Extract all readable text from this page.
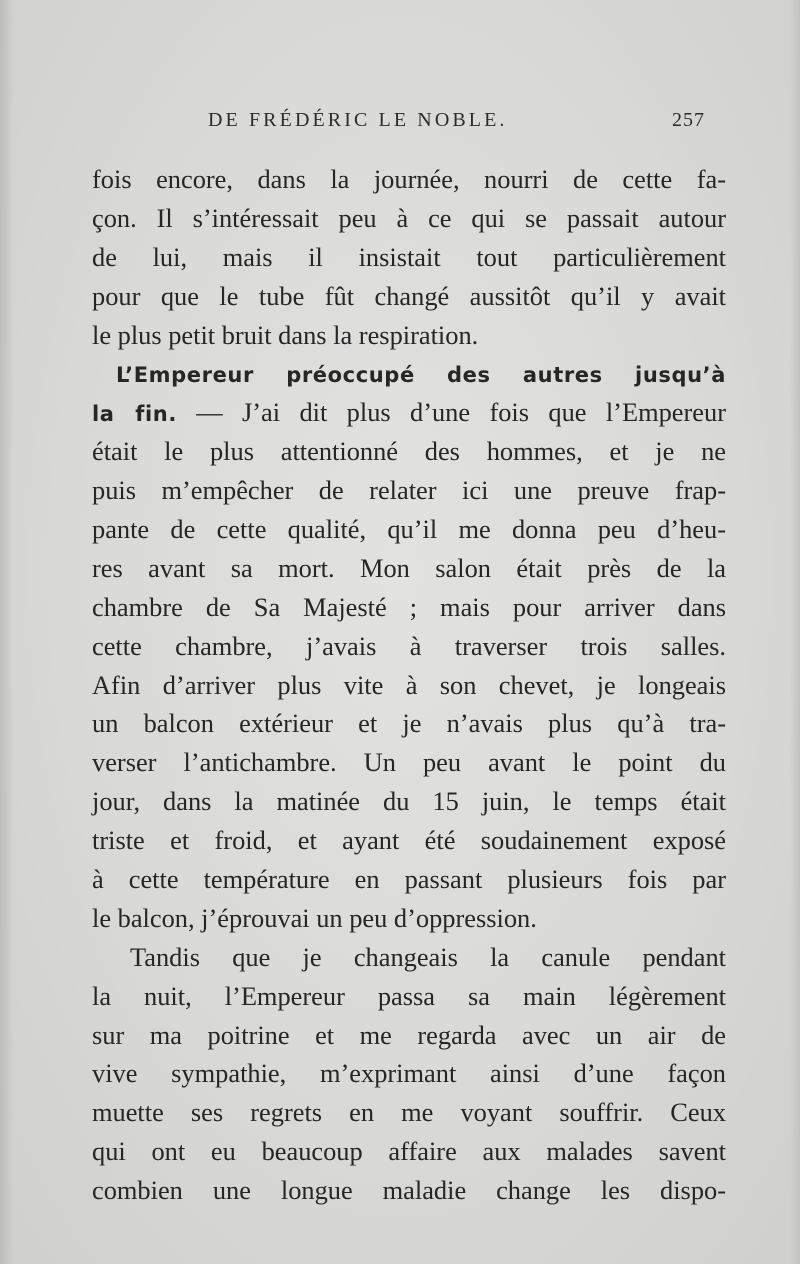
DE FRÉDÉRIC LE NOBLE.	257
fois encore, dans la journée, nourri de cette fa-
çon. Il s’intéressait peu à ce qui se passait autour
de lui, mais il insistait tout particulièrement
pour que le tube fût changé aussitôt qu’il y avait
le plus petit bruit dans la respiration.
L’Empereur préoccupé des autres jusqu’à
la fin. — J’ai dit plus d’une fois que l’Empereur
était le plus attentionné des hommes, et je ne
puis m’empêcher de relater ici une preuve frap-
pante de cette qualité, qu’il me donna peu d’heu-
res avant sa mort. Mon salon était près de la
chambre de Sa Majesté ; mais pour arriver dans
cette chambre, j’avais à traverser trois salles.
Afin d’arriver plus vite à son chevet, je longeais
un balcon extérieur et je n’avais plus qu’à tra-
verser l’antichambre. Un peu avant le point du
jour, dans la matinée du 15 juin, le temps était
triste et froid, et ayant été soudainement exposé
à cette température en passant plusieurs fois par
le balcon, j’éprouvai un peu d’oppression.
Tandis que je changeais la canule pendant
la nuit, l’Empereur passa sa main légèrement
sur ma poitrine et me regarda avec un air de
vive sympathie, m’exprimant ainsi d’une façon
muette ses regrets en me voyant souffrir. Ceux
qui ont eu beaucoup affaire aux malades savent
combien une longue maladie change les dispo-
